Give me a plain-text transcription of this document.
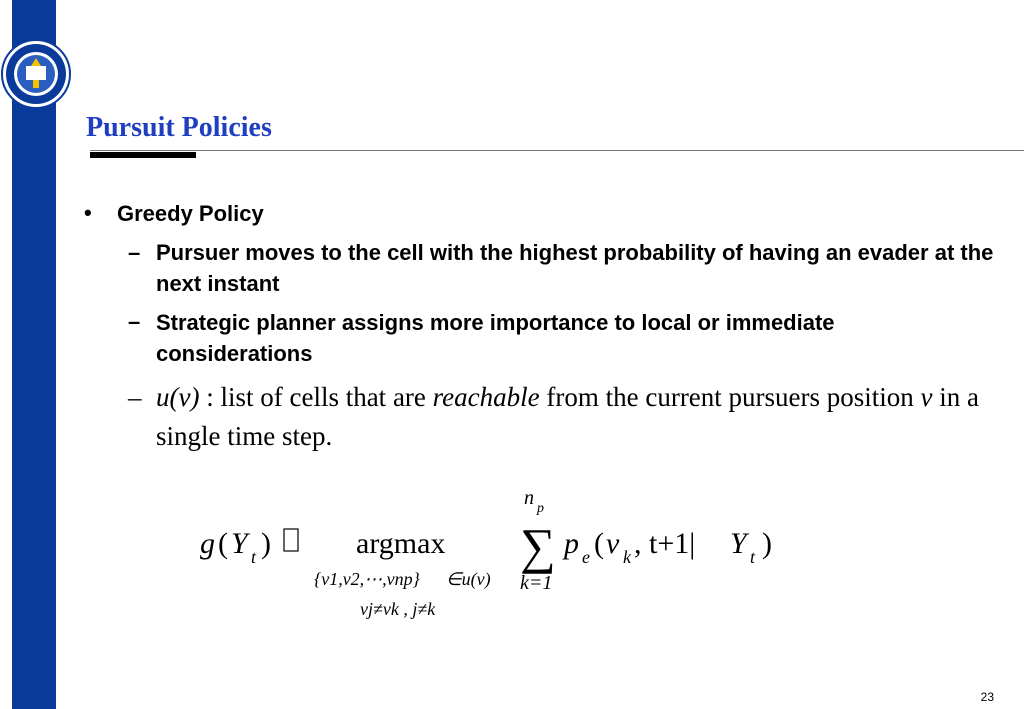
Pursuit Policies
• Greedy Policy
– Pursuer moves to the cell with the highest probability of having an evader at the next instant
– Strategic planner assigns more importance to local or immediate considerations
– u(v) : list of cells that are reachable from the current pursuers position v in a single time step.
g ( Y t )	argmax
{v1,v2,⋯,vnp} ∈u(v)
vj≠vk , j≠k
n p
∑
k=1
p e ( v k , t+1| Y t )
23
